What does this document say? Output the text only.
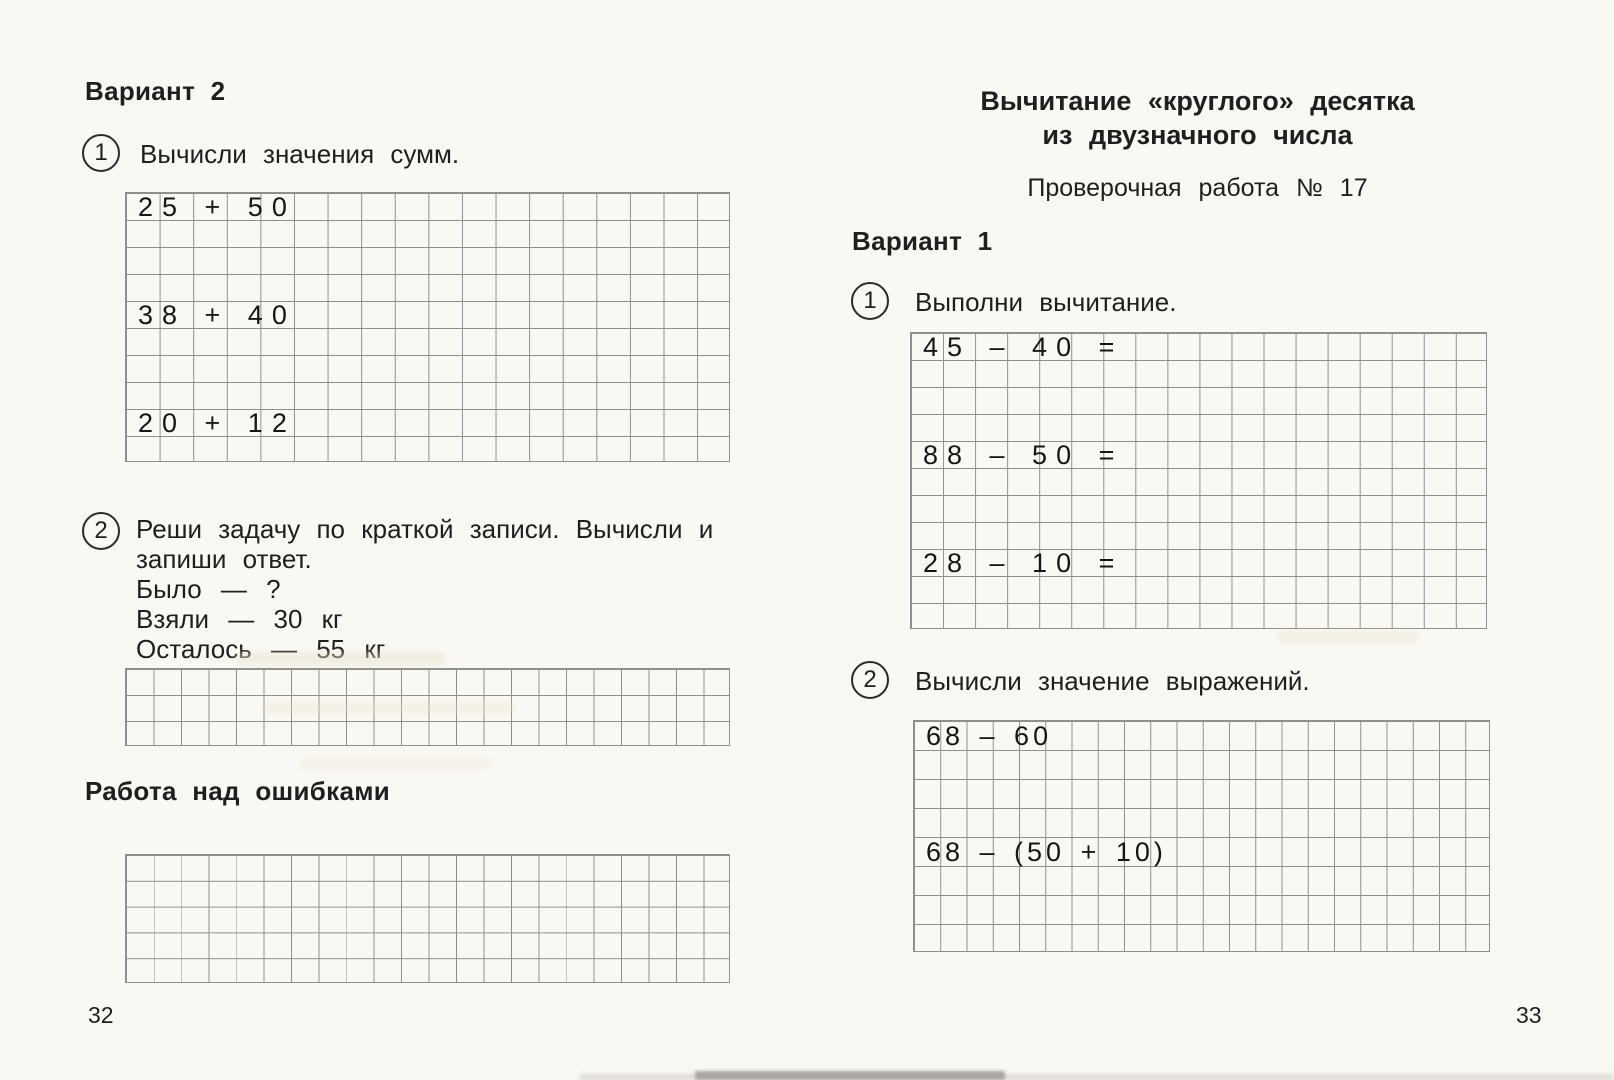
Вариант 2
1 Вычисли значения сумм.
25 + 50
38 + 40
20 + 12
2 Реши задачу по краткой записи. Вычисли и
запиши ответ.
Было — ?
Взяли — 30 кг
Осталось — 55 кг
Работа над ошибками
32
Вычитание «круглого» десятка
из двузначного числа
Проверочная работа № 17
Вариант 1
1 Выполни вычитание.
45 – 40 =
88 – 50 =
28 – 10 =
2 Вычисли значение выражений.
68 – 60
68 – (50 + 10)
33
